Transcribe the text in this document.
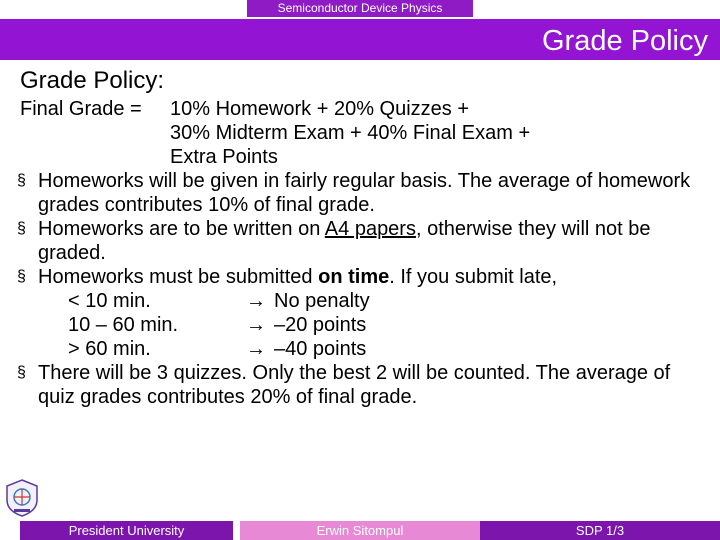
Semiconductor Device Physics
Grade Policy
Grade Policy:
Final Grade =	10% Homework + 20% Quizzes +
30% Midterm Exam + 40% Final Exam +
Extra Points
§ Homeworks will be given in fairly regular basis. The average of homework grades contributes 10% of final grade.
§ Homeworks are to be written on A4 papers, otherwise they will not be graded.
§ Homeworks must be submitted on time. If you submit late,
< 10 min.	→ No penalty
10 – 60 min.	→ –20 points
> 60 min.	→ –40 points
§ There will be 3 quizzes. Only the best 2 will be counted. The average of quiz grades contributes 20% of final grade.
President University	Erwin Sitompul	SDP 1/3
